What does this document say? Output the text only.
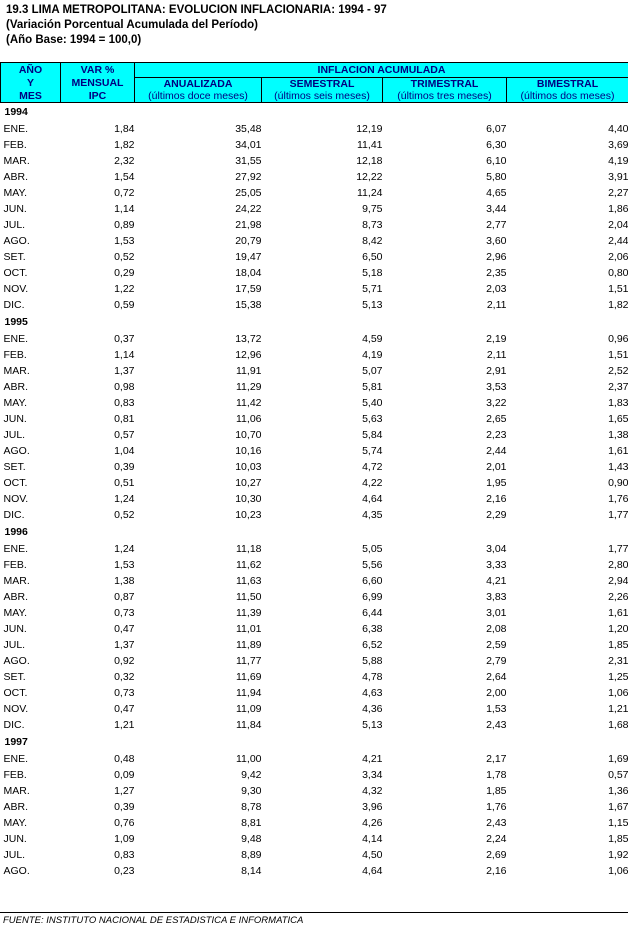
19.3 LIMA METROPOLITANA: EVOLUCION INFLACIONARIA: 1994 - 97
(Variación Porcentual Acumulada del Período)
(Año Base: 1994 = 100,0)
AÑO	VAR %	INFLACION ACUMULADA			
Y	MENSUAL	ANUALIZADA	SEMESTRAL	TRIMESTRAL	BIMESTRAL
MES	IPC	(últimos doce meses)	(últimos seis meses)	(últimos tres meses)	(últimos dos meses)
1994					
ENE.	1,84	35,48	12,19	6,07	4,40
FEB.	1,82	34,01	11,41	6,30	3,69
MAR.	2,32	31,55	12,18	6,10	4,19
ABR.	1,54	27,92	12,22	5,80	3,91
MAY.	0,72	25,05	11,24	4,65	2,27
JUN.	1,14	24,22	9,75	3,44	1,86
JUL.	0,89	21,98	8,73	2,77	2,04
AGO.	1,53	20,79	8,42	3,60	2,44
SET.	0,52	19,47	6,50	2,96	2,06
OCT.	0,29	18,04	5,18	2,35	0,80
NOV.	1,22	17,59	5,71	2,03	1,51
DIC.	0,59	15,38	5,13	2,11	1,82
1995					
ENE.	0,37	13,72	4,59	2,19	0,96
FEB.	1,14	12,96	4,19	2,11	1,51
MAR.	1,37	11,91	5,07	2,91	2,52
ABR.	0,98	11,29	5,81	3,53	2,37
MAY.	0,83	11,42	5,40	3,22	1,83
JUN.	0,81	11,06	5,63	2,65	1,65
JUL.	0,57	10,70	5,84	2,23	1,38
AGO.	1,04	10,16	5,74	2,44	1,61
SET.	0,39	10,03	4,72	2,01	1,43
OCT.	0,51	10,27	4,22	1,95	0,90
NOV.	1,24	10,30	4,64	2,16	1,76
DIC.	0,52	10,23	4,35	2,29	1,77
1996					
ENE.	1,24	11,18	5,05	3,04	1,77
FEB.	1,53	11,62	5,56	3,33	2,80
MAR.	1,38	11,63	6,60	4,21	2,94
ABR.	0,87	11,50	6,99	3,83	2,26
MAY.	0,73	11,39	6,44	3,01	1,61
JUN.	0,47	11,01	6,38	2,08	1,20
JUL.	1,37	11,89	6,52	2,59	1,85
AGO.	0,92	11,77	5,88	2,79	2,31
SET.	0,32	11,69	4,78	2,64	1,25
OCT.	0,73	11,94	4,63	2,00	1,06
NOV.	0,47	11,09	4,36	1,53	1,21
DIC.	1,21	11,84	5,13	2,43	1,68
1997					
ENE.	0,48	11,00	4,21	2,17	1,69
FEB.	0,09	9,42	3,34	1,78	0,57
MAR.	1,27	9,30	4,32	1,85	1,36
ABR.	0,39	8,78	3,96	1,76	1,67
MAY.	0,76	8,81	4,26	2,43	1,15
JUN.	1,09	9,48	4,14	2,24	1,85
JUL.	0,83	8,89	4,50	2,69	1,92
AGO.	0,23	8,14	4,64	2,16	1,06
FUENTE: INSTITUTO NACIONAL DE ESTADISTICA E INFORMATICA
